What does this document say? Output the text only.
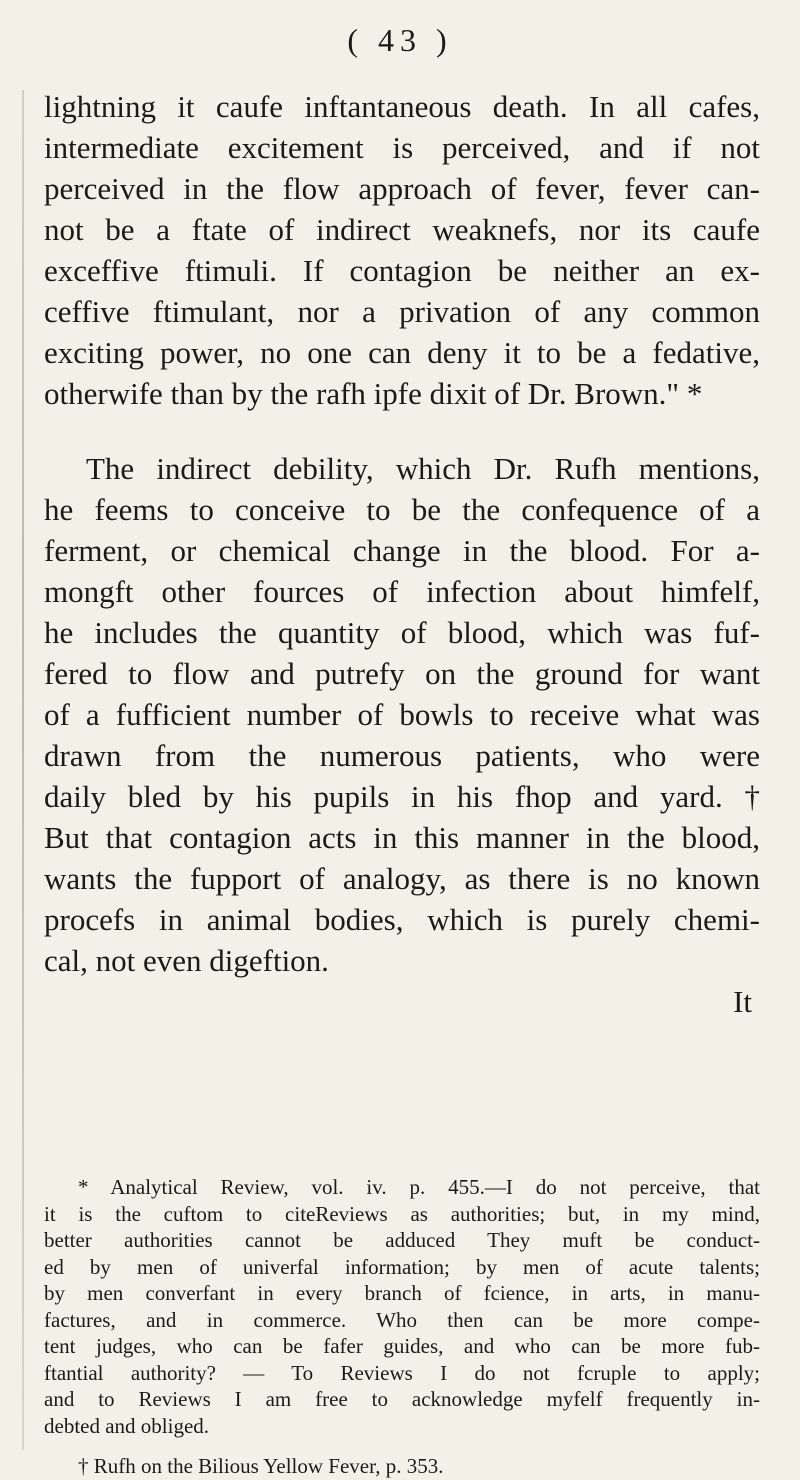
( 43 )
lightning it caufe inftantaneous death. In all cafes,
intermediate excitement is perceived, and if not
perceived in the flow approach of fever, fever can-
not be a ftate of indirect weaknefs, nor its caufe
exceffive ftimuli. If contagion be neither an ex-
ceffive ftimulant, nor a privation of any common
exciting power, no one can deny it to be a fedative,
otherwife than by the rafh ipfe dixit of Dr. Brown." *
The indirect debility, which Dr. Rufh mentions,
he feems to conceive to be the confequence of a
ferment, or chemical change in the blood. For a-
mongft other fources of infection about himfelf,
he includes the quantity of blood, which was fuf-
fered to flow and putrefy on the ground for want
of a fufficient number of bowls to receive what was
drawn from the numerous patients, who were
daily bled by his pupils in his fhop and yard. †
But that contagion acts in this manner in the blood,
wants the fupport of analogy, as there is no known
procefs in animal bodies, which is purely chemi-
cal, not even digeftion.
It
* Analytical Review, vol. iv. p. 455.—I do not perceive, that
it is the cuftom to citeReviews as authorities; but, in my mind,
better authorities cannot be adduced They muft be conduct-
ed by men of univerfal information; by men of acute talents;
by men converfant in every branch of fcience, in arts, in manu-
factures, and in commerce. Who then can be more compe-
tent judges, who can be fafer guides, and who can be more fub-
ftantial authority? — To Reviews I do not fcruple to apply;
and to Reviews I am free to acknowledge myfelf frequently in-
debted and obliged.
† Rufh on the Bilious Yellow Fever, p. 353.
